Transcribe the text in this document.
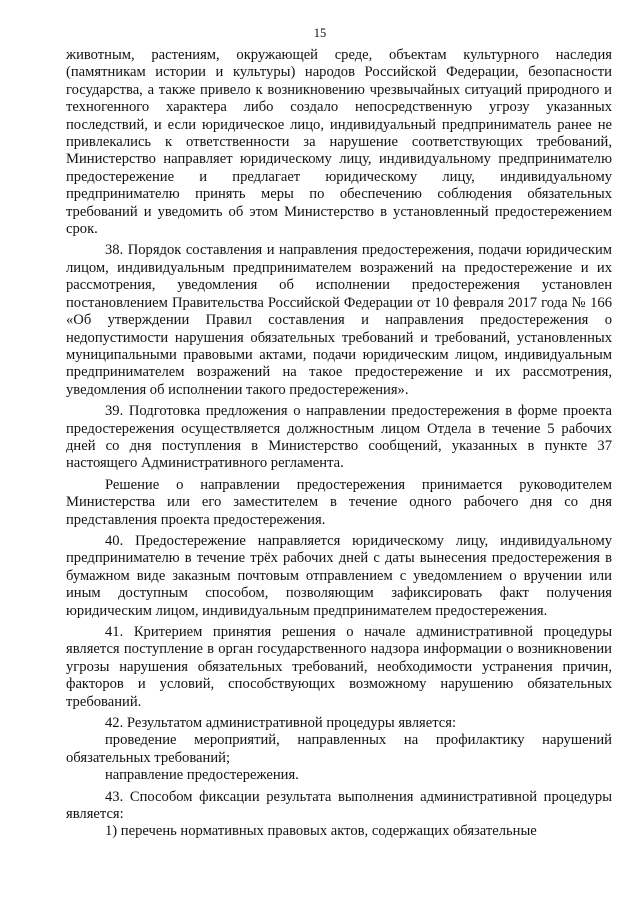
15

животным, растениям, окружающей среде, объектам культурного наследия (памятникам истории и культуры) народов Российской Федерации, безопасности государства, а также привело к возникновению чрезвычайных ситуаций природного и техногенного характера либо создало непосредственную угрозу указанных последствий, и если юридическое лицо, индивидуальный предприниматель ранее не привлекались к ответственности за нарушение соответствующих требований, Министерство направляет юридическому лицу, индивидуальному предпринимателю предостережение и предлагает юридическому лицу, индивидуальному предпринимателю принять меры по обеспечению соблюдения обязательных требований и уведомить об этом Министерство в установленный предостережением срок.

38. Порядок составления и направления предостережения, подачи юридическим лицом, индивидуальным предпринимателем возражений на предостережение и их рассмотрения, уведомления об исполнении предостережения установлен постановлением Правительства Российской Федерации от 10 февраля 2017 года № 166 «Об утверждении Правил составления и направления предостережения о недопустимости нарушения обязательных требований и требований, установленных муниципальными правовыми актами, подачи юридическим лицом, индивидуальным предпринимателем возражений на такое предостережение и их рассмотрения, уведомления об исполнении такого предостережения».

39. Подготовка предложения о направлении предостережения в форме проекта предостережения осуществляется должностным лицом Отдела в течение 5 рабочих дней со дня поступления в Министерство сообщений, указанных в пункте 37 настоящего Административного регламента.

Решение о направлении предостережения принимается руководителем Министерства или его заместителем в течение одного рабочего дня со дня представления проекта предостережения.

40. Предостережение направляется юридическому лицу, индивидуальному предпринимателю в течение трёх рабочих дней с даты вынесения предостережения в бумажном виде заказным почтовым отправлением с уведомлением о вручении или иным доступным способом, позволяющим зафиксировать факт получения юридическим лицом, индивидуальным предпринимателем предостережения.

41. Критерием принятия решения о начале административной процедуры является поступление в орган государственного надзора информации о возникновении угрозы нарушения обязательных требований, необходимости устранения причин, факторов и условий, способствующих возможному нарушению обязательных требований.

42. Результатом административной процедуры является:

проведение мероприятий, направленных на профилактику нарушений обязательных требований;

направление предостережения.

43. Способом фиксации результата выполнения административной процедуры является:

1) перечень нормативных правовых актов, содержащих обязательные
